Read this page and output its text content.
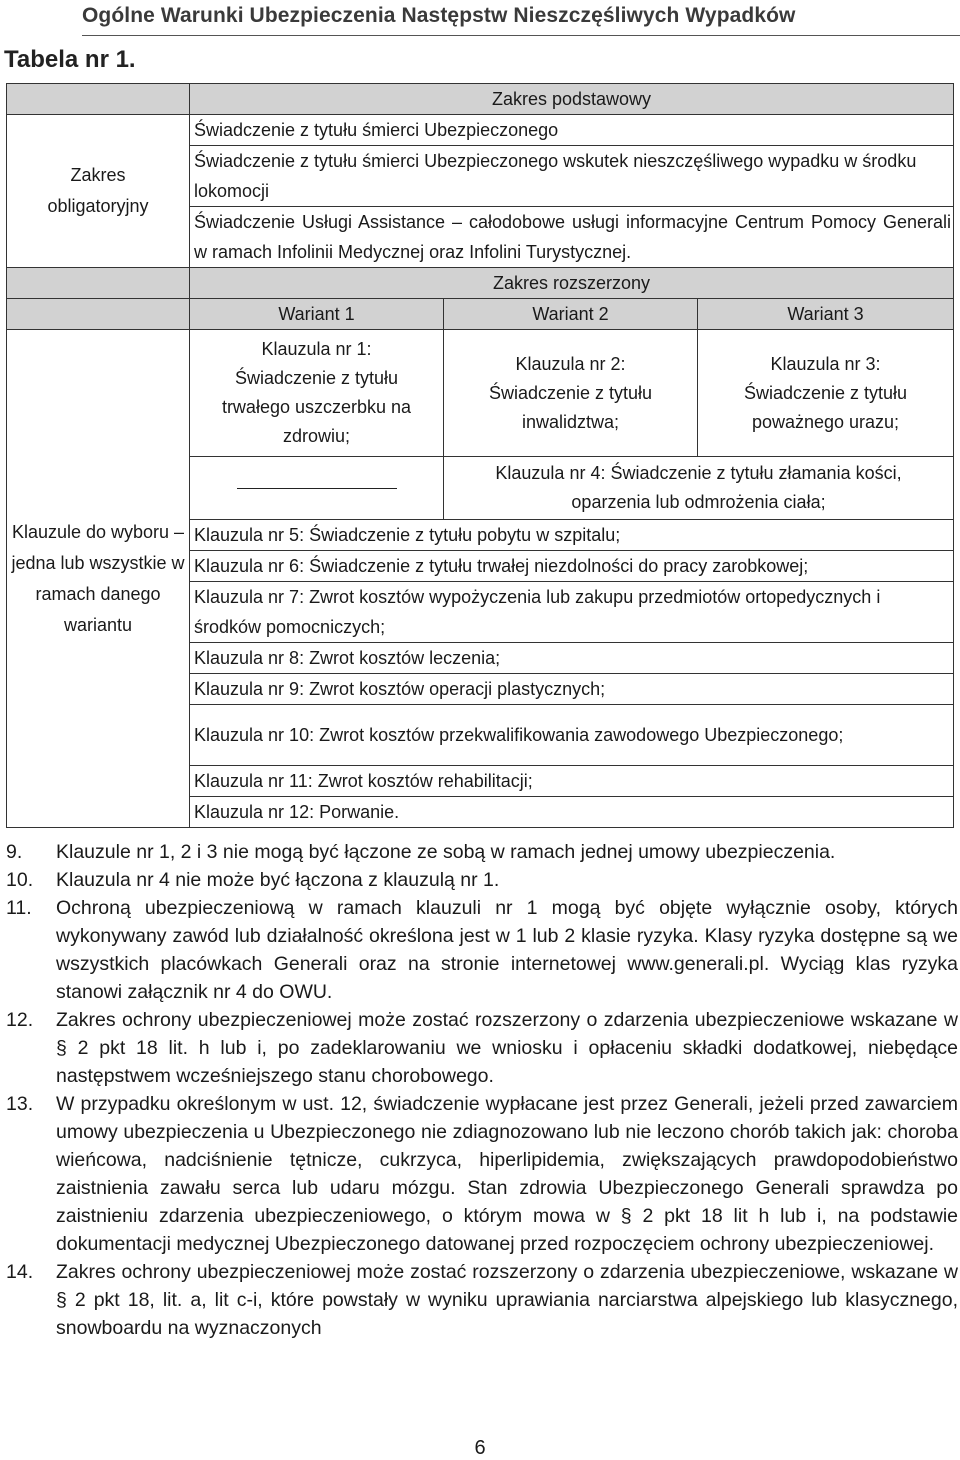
Ogólne Warunki Ubezpieczenia Następstw Nieszczęśliwych Wypadków
Tabela nr 1.
	Zakres podstawowy		
Zakres obligatoryjny	Świadczenie z tytułu śmierci Ubezpieczonego		
	Świadczenie z tytułu śmierci Ubezpieczonego wskutek nieszczęśliwego wypadku w środku lokomocji		
	Świadczenie Usługi Assistance – całodobowe usługi informacyjne Centrum Pomocy Generali w ramach Infolinii Medycznej oraz Infolini Turystycznej.		
	Zakres rozszerzony		
	Wariant 1	Wariant 2	Wariant 3
Klauzule do wyboru – jedna lub wszystkie w ramach danego wariantu	Klauzula nr 1: Świadczenie z tytułu trwałego uszczerbku na zdrowiu;	Klauzula nr 2: Świadczenie z tytułu inwalidztwa;	Klauzula nr 3: Świadczenie z tytułu poważnego urazu;
		Klauzula nr 4: Świadczenie z tytułu złamania kości, oparzenia lub odmrożenia ciała;	
	Klauzula nr 5: Świadczenie z tytułu pobytu w szpitalu;		
	Klauzula nr 6: Świadczenie z tytułu trwałej niezdolności do pracy zarobkowej;		
	Klauzula nr 7: Zwrot kosztów wypożyczenia lub zakupu przedmiotów ortopedycznych i środków pomocniczych;		
	Klauzula nr 8: Zwrot kosztów leczenia;		
	Klauzula nr 9: Zwrot kosztów operacji plastycznych;		
	Klauzula nr 10: Zwrot kosztów przekwalifikowania zawodowego Ubezpieczonego;		
	Klauzula nr 11: Zwrot kosztów rehabilitacji;		
	Klauzula nr 12: Porwanie.		
9.	Klauzule nr 1, 2 i 3 nie mogą być łączone ze sobą w ramach jednej umowy ubezpieczenia.
10.	Klauzula nr 4 nie może być łączona z klauzulą nr 1.
11.	Ochroną ubezpieczeniową w ramach klauzuli nr 1 mogą być objęte wyłącznie osoby, których wykonywany zawód lub działalność określona jest w 1 lub 2 klasie ryzyka. Klasy ryzyka dostępne są we wszystkich placówkach Generali oraz na stronie internetowej www.generali.pl. Wyciąg klas ryzyka stanowi załącznik nr 4 do OWU.
12.	Zakres ochrony ubezpieczeniowej może zostać rozszerzony o zdarzenia ubezpieczeniowe wskazane w § 2 pkt 18 lit. h lub i, po zadeklarowaniu we wniosku i opłaceniu składki dodatkowej, niebędące następstwem wcześniejszego stanu chorobowego.
13.	W przypadku określonym w ust. 12, świadczenie wypłacane jest przez Generali, jeżeli przed zawarciem umowy ubezpieczenia u Ubezpieczonego nie zdiagnozowano lub nie leczono chorób takich jak: choroba wieńcowa, nadciśnienie tętnicze, cukrzyca, hiperlipidemia, zwiększających prawdopodobieństwo zaistnienia zawału serca lub udaru mózgu. Stan zdrowia Ubezpieczonego Generali sprawdza po zaistnieniu zdarzenia ubezpieczeniowego, o którym mowa w § 2 pkt 18 lit h lub i, na podstawie dokumentacji medycznej Ubezpieczonego datowanej przed rozpoczęciem ochrony ubezpieczeniowej.
14.	Zakres ochrony ubezpieczeniowej może zostać rozszerzony o zdarzenia ubezpieczeniowe, wskazane w § 2 pkt 18, lit. a, lit c-i, które powstały w wyniku uprawiania narciarstwa alpejskiego lub klasycznego, snowboardu na wyznaczonych
6
